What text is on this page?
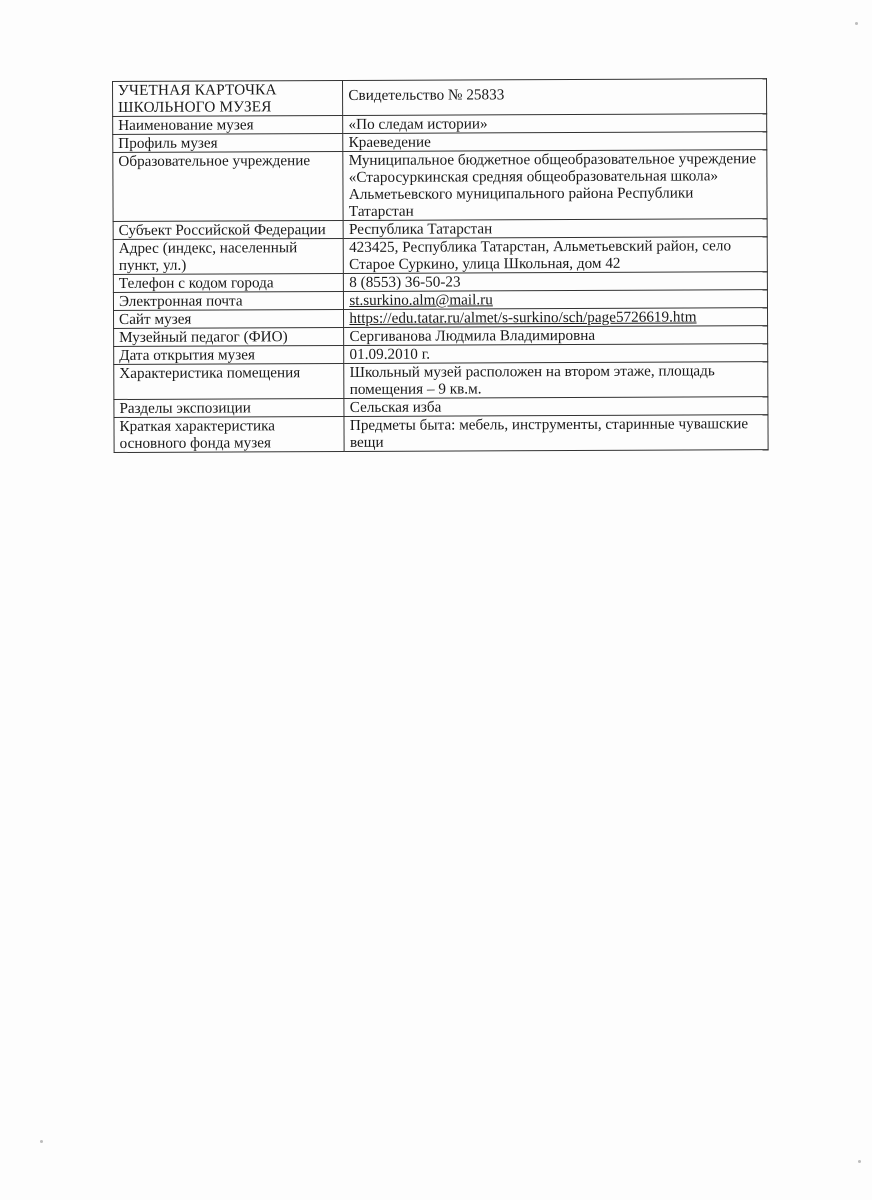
УЧЕТНАЯ КАРТОЧКА ШКОЛЬНОГО МУЗЕЯ	Свидетельство № 25833

Наименование музея	«По следам истории»
Профиль музея	Краеведение
Образовательное учреждение	Муниципальное бюджетное общеобразовательное учреждение «Старосуркинская средняя общеобразовательная школа» Альметьевского муниципального района Республики Татарстан
Субъект Российской Федерации	Республика Татарстан
Адрес (индекс, населенный пункт, ул.)	423425, Республика Татарстан, Альметьевский район, село Старое Суркино, улица Школьная, дом 42
Телефон с кодом города	8 (8553) 36-50-23
Электронная почта	st.surkino.alm@mail.ru
Сайт музея	https://edu.tatar.ru/almet/s-surkino/sch/page5726619.htm
Музейный педагог (ФИО)	Сергиванова Людмила Владимировна
Дата открытия музея	01.09.2010 г.
Характеристика помещения	Школьный музей расположен на втором этаже, площадь помещения – 9 кв.м.
Разделы экспозиции	Сельская изба
Краткая характеристика основного фонда музея	Предметы быта: мебель, инструменты, старинные чувашские вещи
